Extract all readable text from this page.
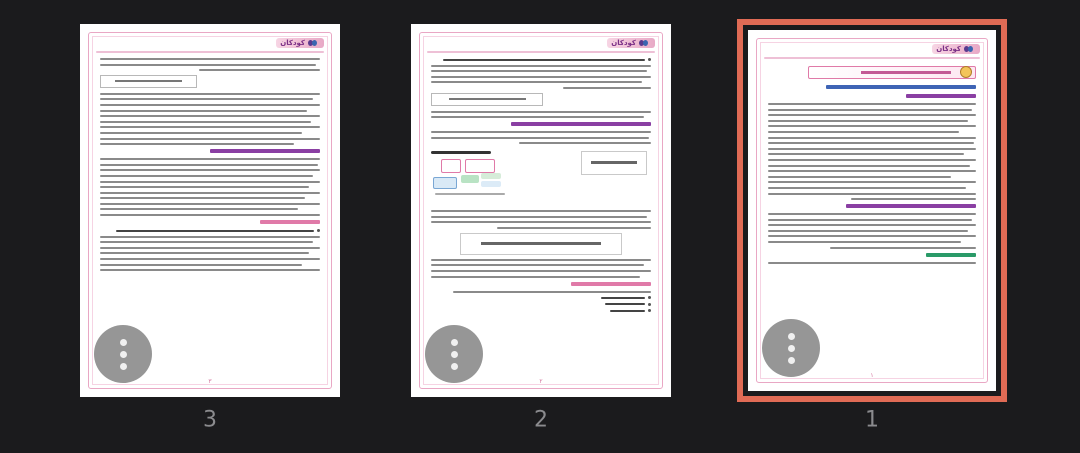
کودکان
۱
کودکان
۲
کودکان
۳
1
2
3
